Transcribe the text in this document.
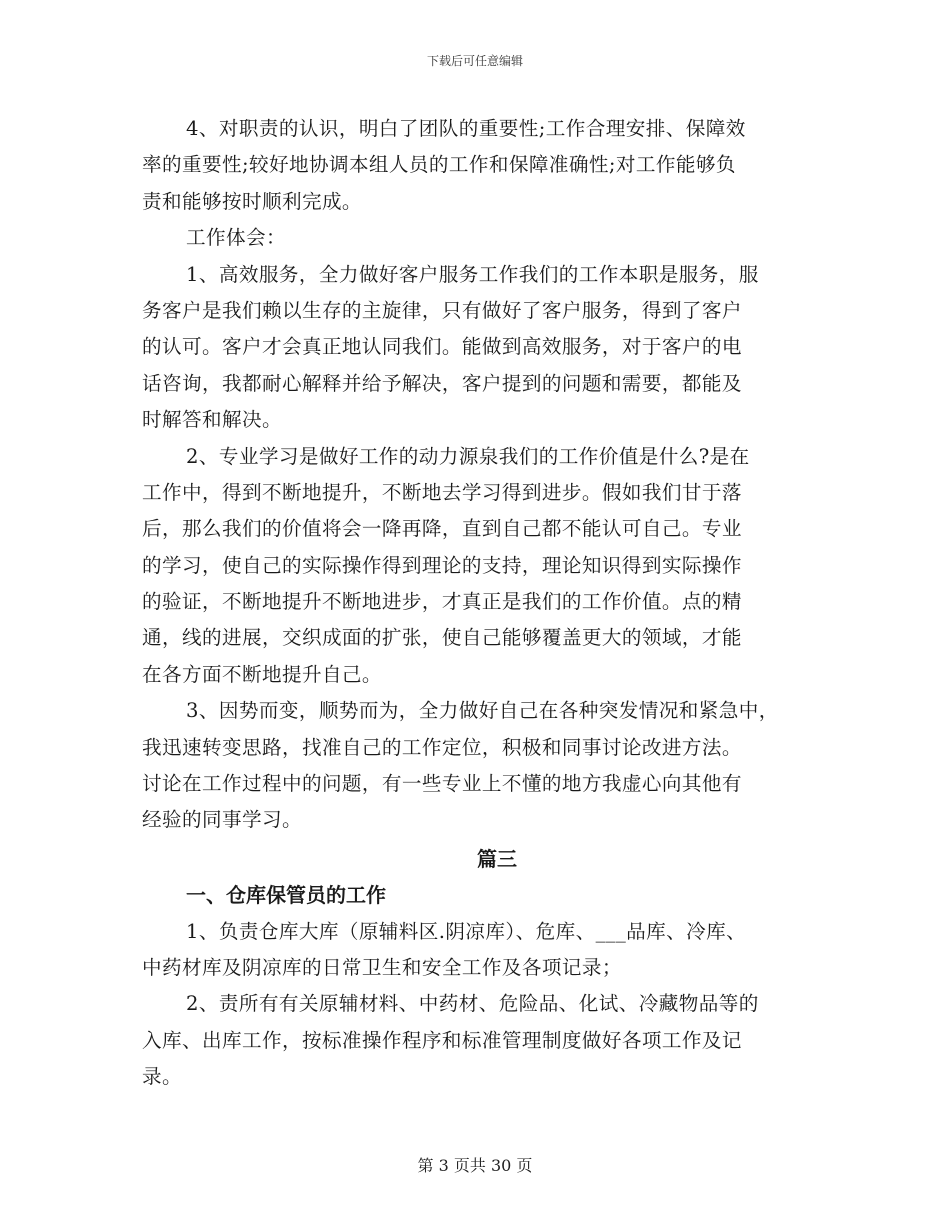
下载后可任意编辑
4、对职责的认识，明白了团队的重要性;工作合理安排、保障效
率的重要性;较好地协调本组人员的工作和保障准确性;对工作能够负
责和能够按时顺利完成。
工作体会：
1、高效服务，全力做好客户服务工作我们的工作本职是服务，服
务客户是我们赖以生存的主旋律，只有做好了客户服务，得到了客户
的认可。客户才会真正地认同我们。能做到高效服务，对于客户的电
话咨询，我都耐心解释并给予解决，客户提到的问题和需要，都能及
时解答和解决。
2、专业学习是做好工作的动力源泉我们的工作价值是什么?是在
工作中，得到不断地提升，不断地去学习得到进步。假如我们甘于落
后，那么我们的价值将会一降再降，直到自己都不能认可自己。专业
的学习，使自己的实际操作得到理论的支持，理论知识得到实际操作
的验证，不断地提升不断地进步，才真正是我们的工作价值。点的精
通，线的进展，交织成面的扩张，使自己能够覆盖更大的领域，才能
在各方面不断地提升自己。
3、因势而变，顺势而为，全力做好自己在各种突发情况和紧急中，
我迅速转变思路，找准自己的工作定位，积极和同事讨论改进方法。
讨论在工作过程中的问题，有一些专业上不懂的地方我虚心向其他有
经验的同事学习。
篇三
一、仓库保管员的工作
1、负责仓库大库（原辅料区.阴凉库）、危库、___品库、冷库、
中药材库及阴凉库的日常卫生和安全工作及各项记录；
2、责所有有关原辅材料、中药材、危险品、化试、冷藏物品等的
入库、出库工作，按标准操作程序和标准管理制度做好各项工作及记
录。
第 3 页共 30 页
